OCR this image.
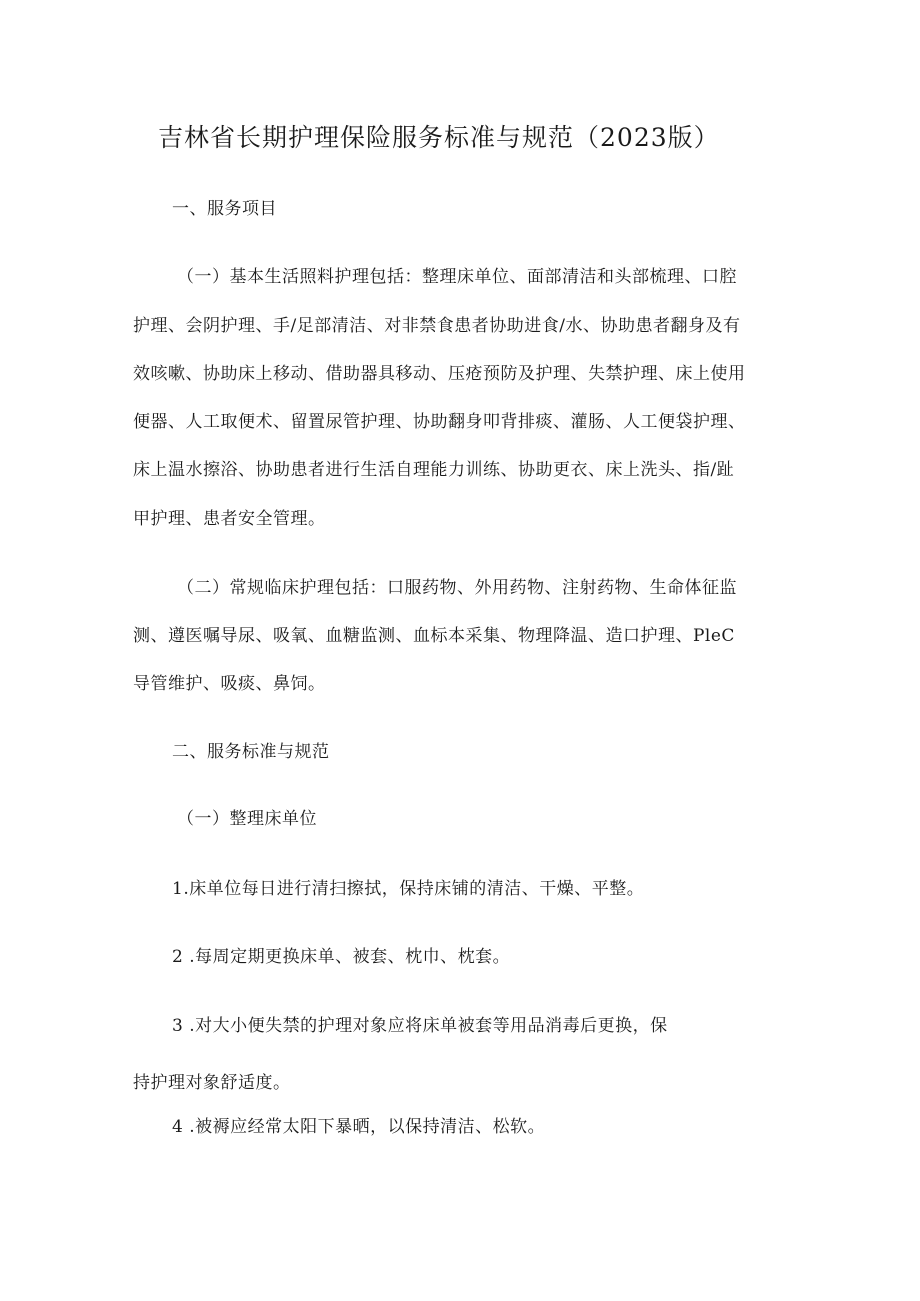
吉林省长期护理保险服务标准与规范（2023版）
一、服务项目
（一）基本生活照料护理包括：整理床单位、面部清洁和头部梳理、口腔
护理、会阴护理、手/足部清洁、对非禁食患者协助进食/水、协助患者翻身及有
效咳嗽、协助床上移动、借助器具移动、压疮预防及护理、失禁护理、床上使用
便器、人工取便术、留置尿管护理、协助翻身叩背排痰、灌肠、人工便袋护理、
床上温水擦浴、协助患者进行生活自理能力训练、协助更衣、床上洗头、指/趾
甲护理、患者安全管理。
（二）常规临床护理包括：口服药物、外用药物、注射药物、生命体征监
测、遵医嘱导尿、吸氧、血糖监测、血标本采集、物理降温、造口护理、PleC
导管维护、吸痰、鼻饲。
二、服务标准与规范
（一）整理床单位
1.床单位每日进行清扫擦拭，保持床铺的清洁、干燥、平整。
2 .每周定期更换床单、被套、枕巾、枕套。
3 .对大小便失禁的护理对象应将床单被套等用品消毒后更换，保
持护理对象舒适度。
4 .被褥应经常太阳下暴晒，以保持清洁、松软。
